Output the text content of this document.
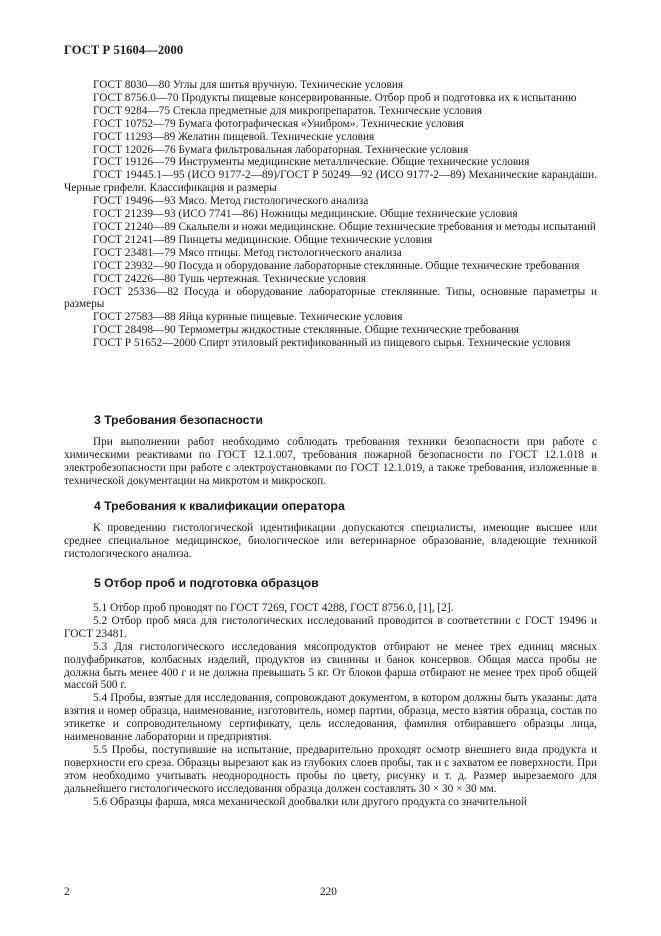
ГОСТ Р 51604—2000

ГОСТ 8030—80 Углы для шитья вручную. Технические условия

ГОСТ 8756.0—70 Продукты пищевые консервированные. Отбор проб и подготовка их к испытанию

ГОСТ 9284—75 Стекла предметные для микропрепаратов. Технические условия

ГОСТ 10752—79 Бумага фотографическая «Унибром». Технические условия

ГОСТ 11293—89 Желатин пищевой. Технические условия

ГОСТ 12026—76 Бумага фильтровальная лабораторная. Технические условия

ГОСТ 19126—79 Инструменты медицинские металлические. Общие технические условия

ГОСТ 19445.1—95 (ИСО 9177-2—89)/ГОСТ Р 50249—92 (ИСО 9177-2—89) Механические карандаши. Черные грифели. Классификация и размеры

ГОСТ 19496—93 Мясо. Метод гистологического анализа

ГОСТ 21239—93 (ИСО 7741—86) Ножницы медицинские. Общие технические условия

ГОСТ 21240—89 Скальпели и ножи медицинские. Общие технические требования и методы испытаний

ГОСТ 21241—89 Пинцеты медицинские. Общие технические условия

ГОСТ 23481—79 Мясо птицы. Метод гистологического анализа

ГОСТ 23932—90 Посуда и оборудование лабораторные стеклянные. Общие технические требования

ГОСТ 24226—80 Тушь чертежная. Технические условия

ГОСТ 25336—82 Посуда и оборудование лабораторные стеклянные. Типы, основные параметры и размеры

ГОСТ 27583—88 Яйца куриные пищевые. Технические условия

ГОСТ 28498—90 Термометры жидкостные стеклянные. Общие технические требования

ГОСТ Р 51652—2000 Спирт этиловый ректификованный из пищевого сырья. Технические условия

3 Требования безопасности

При выполнении работ необходимо соблюдать требования техники безопасности при работе с химическими реактивами по ГОСТ 12.1.007, требования пожарной безопасности по ГОСТ 12.1.018 и электробезопасности при работе с электроустановками по ГОСТ 12.1.019, а также требования, изложенные в технической документации на микротом и микроскоп.

4 Требования к квалификации оператора

К проведению гистологической идентификации допускаются специалисты, имеющие высшее или среднее специальное медицинское, биологическое или ветеринарное образование, владеющие техникой гистологического анализа.

5 Отбор проб и подготовка образцов

5.1 Отбор проб проводят по ГОСТ 7269, ГОСТ 4288, ГОСТ 8756.0, [1], [2].

5.2 Отбор проб мяса для гистологических исследований проводится в соответствии с ГОСТ 19496 и ГОСТ 23481.

5.3 Для гистологического исследования мясопродуктов отбирают не менее трех единиц мясных полуфабрикатов, колбасных изделий, продуктов из свинины и банок консервов. Общая масса пробы не должна быть менее 400 г и не должна превышать 5 кг. От блоков фарша отбирают не менее трех проб общей массой 500 г.

5.4 Пробы, взятые для исследования, сопровождают документом, в котором должны быть указаны: дата взятия и номер образца, наименование, изготовитель, номер партии, образца, место взятия образца, состав по этикетке и сопроводительному сертификату, цель исследования, фамилия отбиравшего образцы лица, наименование лаборатории и предприятия.

5.5 Пробы, поступившие на испытание, предварительно проходят осмотр внешнего вида продукта и поверхности его среза. Образцы вырезают как из глубоких слоев пробы, так и с захватом ее поверхности. При этом необходимо учитывать неоднородность пробы по цвету, рисунку и т. д. Размер вырезаемого для дальнейшего гистологического исследования образца должен составлять 30 × 30 × 30 мм.

5.6 Образцы фарша, мяса механической дообвалки или другого продукта со значительной

2	220
